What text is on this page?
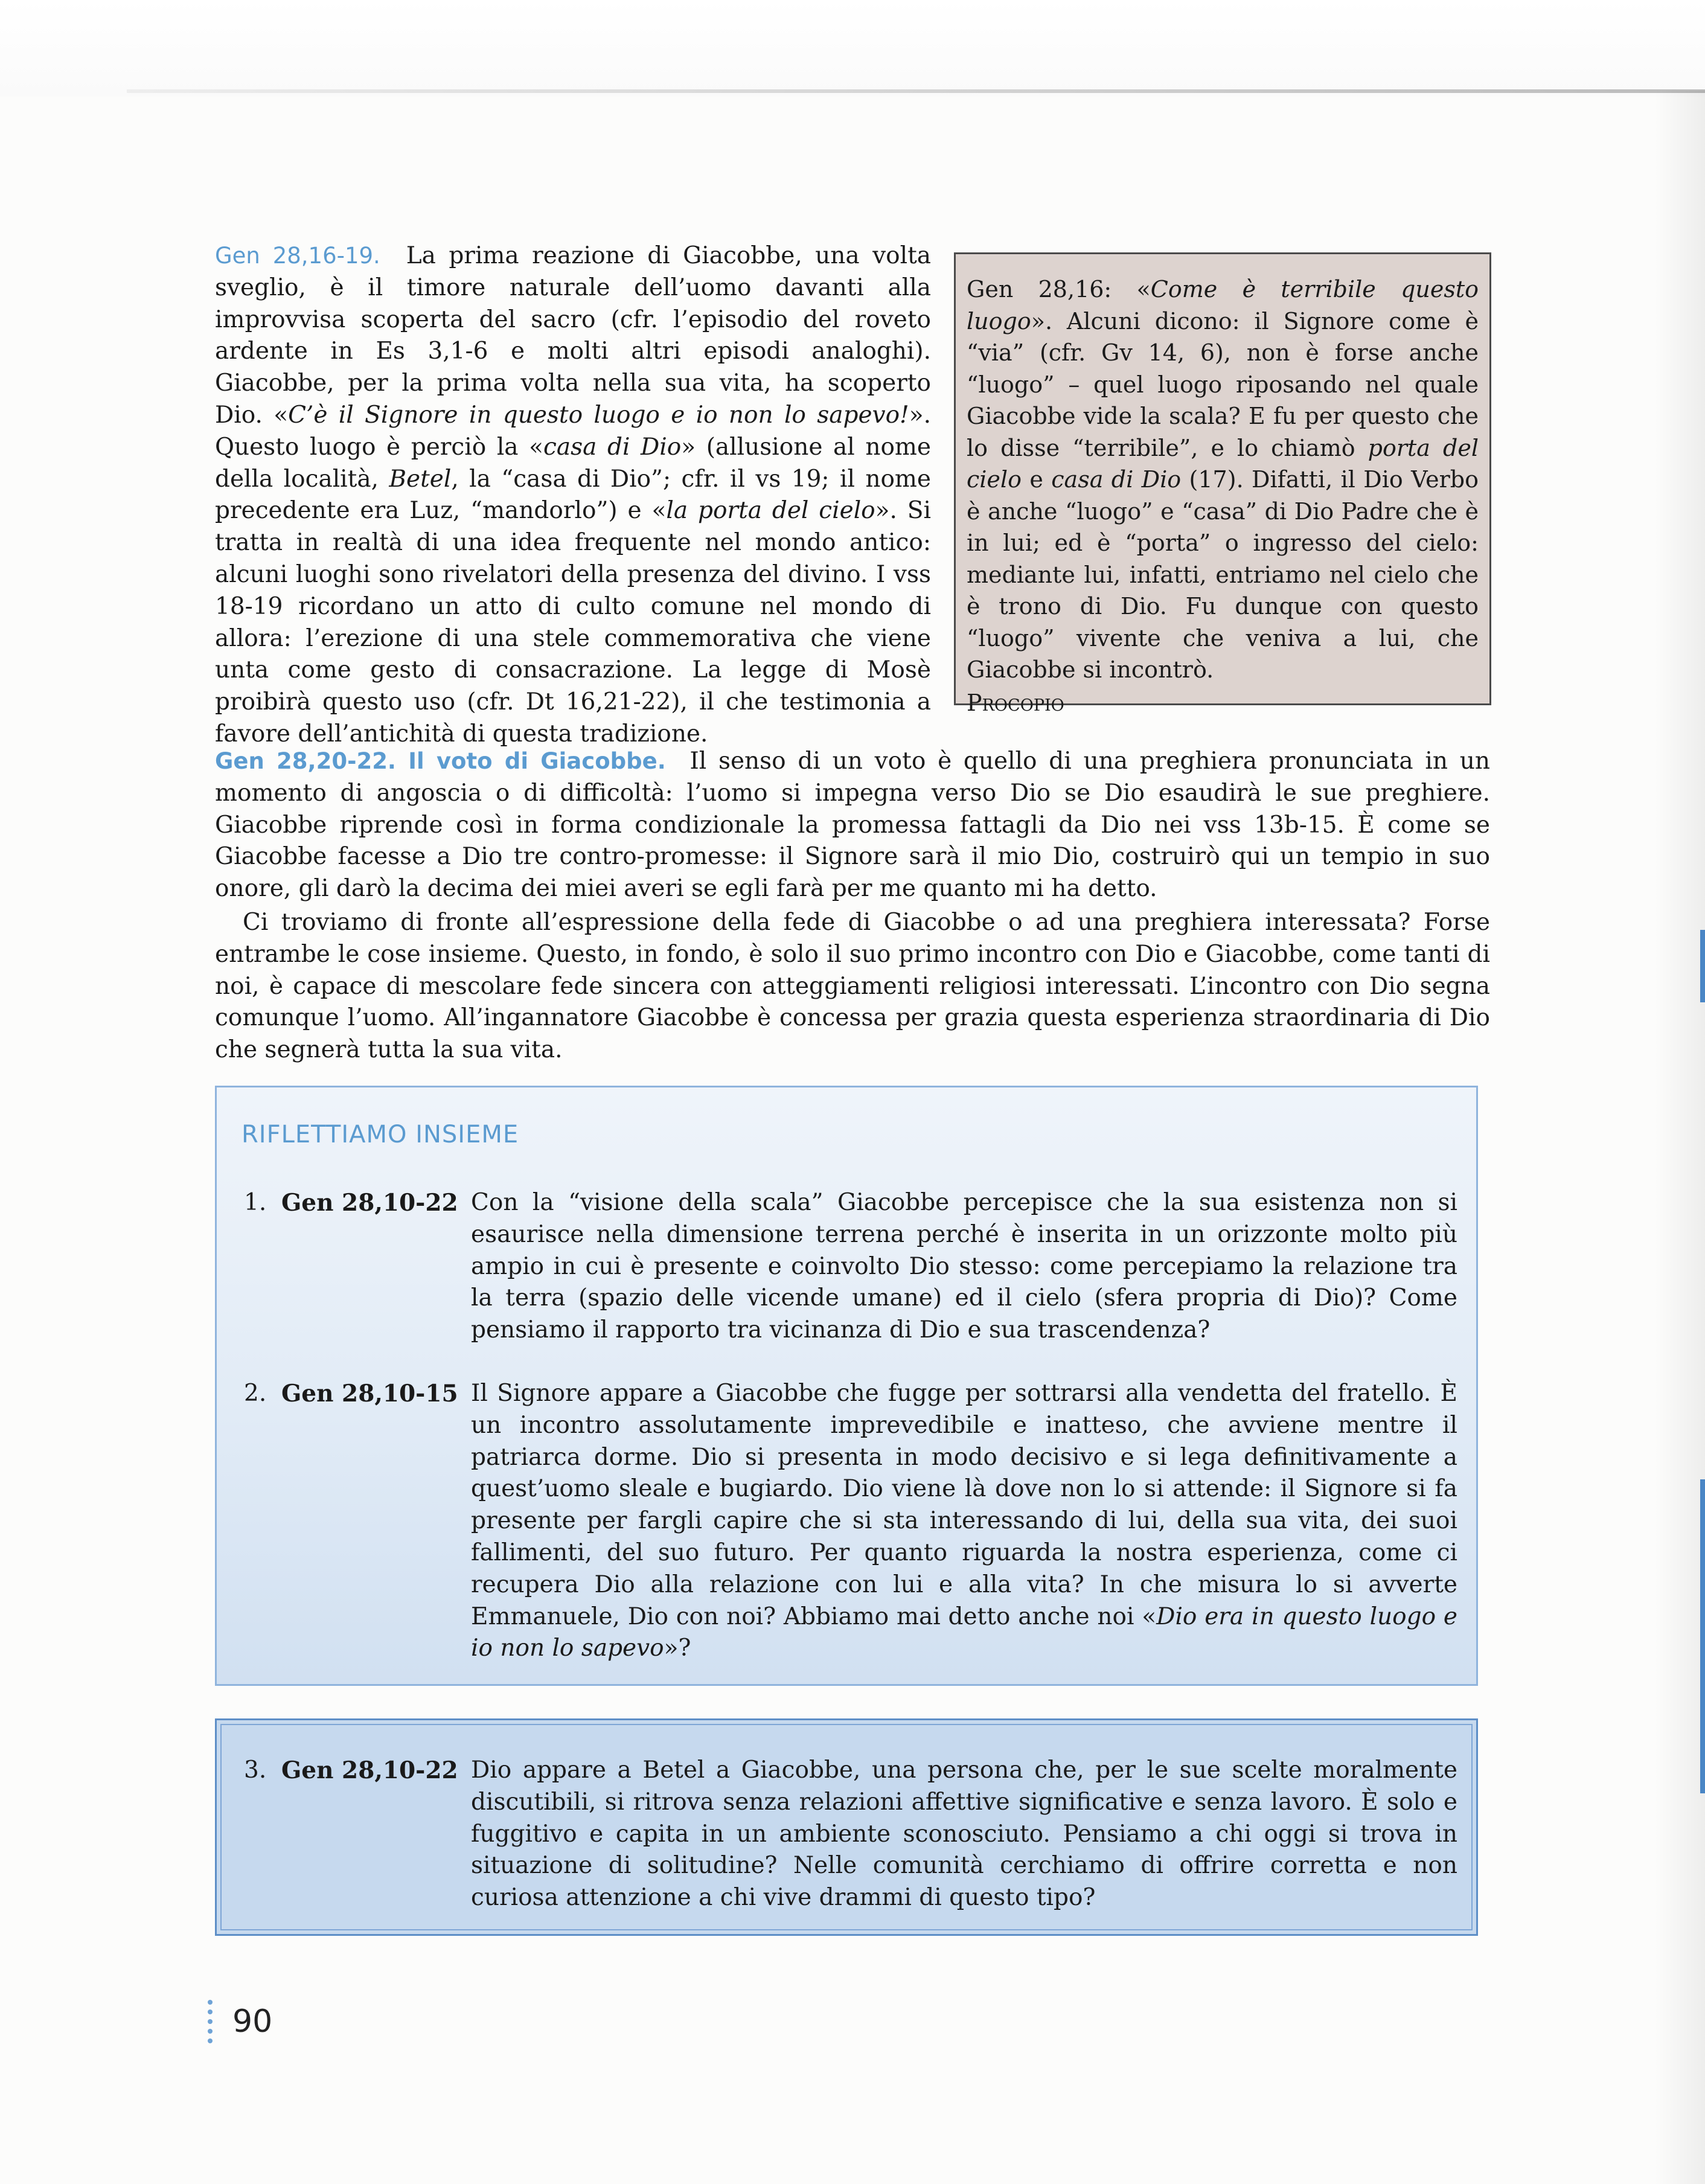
Gen 28,16-19. La prima reazione di Giacobbe, una volta sveglio, è il timore naturale dell’uomo davanti alla improvvisa scoperta del sacro (cfr. l’episodio del roveto ardente in Es 3,1-6 e molti altri episodi analoghi). Giacobbe, per la prima volta nella sua vita, ha scoperto Dio. «C’è il Signore in questo luogo e io non lo sapevo!». Questo luogo è perciò la «casa di Dio» (allusione al nome della località, Betel, la “casa di Dio”; cfr. il vs 19; il nome precedente era Luz, “mandorlo”) e «la porta del cielo». Si tratta in realtà di una idea frequente nel mondo antico: alcuni luoghi sono rivelatori della presenza del divino. I vss 18-19 ricordano un atto di culto comune nel mondo di allora: l’erezione di una stele commemorativa che viene unta come gesto di consacrazione. La legge di Mosè proibirà questo uso (cfr. Dt 16,21-22), il che testimonia a favore dell’antichità di questa tradizione.

Gen 28,16: «Come è terribile questo luogo». Alcuni dicono: il Signore come è “via” (cfr. Gv 14, 6), non è forse anche “luogo” – quel luogo riposando nel quale Giacobbe vide la scala? E fu per questo che lo disse “terribile”, e lo chiamò porta del cielo e casa di Dio (17). Difatti, il Dio Verbo è anche “luogo” e “casa” di Dio Padre che è in lui; ed è “porta” o ingresso del cielo: mediante lui, infatti, entriamo nel cielo che è trono di Dio. Fu dunque con questo “luogo” vivente che veniva a lui, che Giacobbe si incontrò.

Procopio

Gen 28,20-22. Il voto di Giacobbe. Il senso di un voto è quello di una preghiera pronunciata in un momento di angoscia o di difficoltà: l’uomo si impegna verso Dio se Dio esaudirà le sue preghiere. Giacobbe riprende così in forma condizionale la promessa fattagli da Dio nei vss 13b-15. È come se Giacobbe facesse a Dio tre contro-promesse: il Signore sarà il mio Dio, costruirò qui un tempio in suo onore, gli darò la decima dei miei averi se egli farà per me quanto mi ha detto.

Ci troviamo di fronte all’espressione della fede di Giacobbe o ad una preghiera interessata? Forse entrambe le cose insieme. Questo, in fondo, è solo il suo primo incontro con Dio e Giacobbe, come tanti di noi, è capace di mescolare fede sincera con atteggiamenti religiosi interessati. L’incontro con Dio segna comunque l’uomo. All’ingannatore Giacobbe è concessa per grazia questa esperienza straordinaria di Dio che segnerà tutta la sua vita.

RIFLETTIAMO INSIEME
1. Gen 28,10-22 Con la “visione della scala” Giacobbe percepisce che la sua esistenza non si esaurisce nella dimensione terrena perché è inserita in un orizzonte molto più ampio in cui è presente e coinvolto Dio stesso: come percepiamo la relazione tra la terra (spazio delle vicende umane) ed il cielo (sfera propria di Dio)? Come pensiamo il rapporto tra vicinanza di Dio e sua trascendenza?

2. Gen 28,10-15 Il Signore appare a Giacobbe che fugge per sottrarsi alla vendetta del fratello. È un incontro assolutamente imprevedibile e inatteso, che avviene mentre il patriarca dorme. Dio si presenta in modo decisivo e si lega definitivamente a quest’uomo sleale e bugiardo. Dio viene là dove non lo si attende: il Signore si fa presente per fargli capire che si sta interessando di lui, della sua vita, dei suoi fallimenti, del suo futuro. Per quanto riguarda la nostra esperienza, come ci recupera Dio alla relazione con lui e alla vita? In che misura lo si avverte Emmanuele, Dio con noi? Abbiamo mai detto anche noi «Dio era in questo luogo e io non lo sapevo»?

3. Gen 28,10-22 Dio appare a Betel a Giacobbe, una persona che, per le sue scelte moralmente discutibili, si ritrova senza relazioni affettive significative e senza lavoro. È solo e fuggitivo e capita in un ambiente sconosciuto. Pensiamo a chi oggi si trova in situazione di solitudine? Nelle comunità cerchiamo di offrire corretta e non curiosa attenzione a chi vive drammi di questo tipo?

90
